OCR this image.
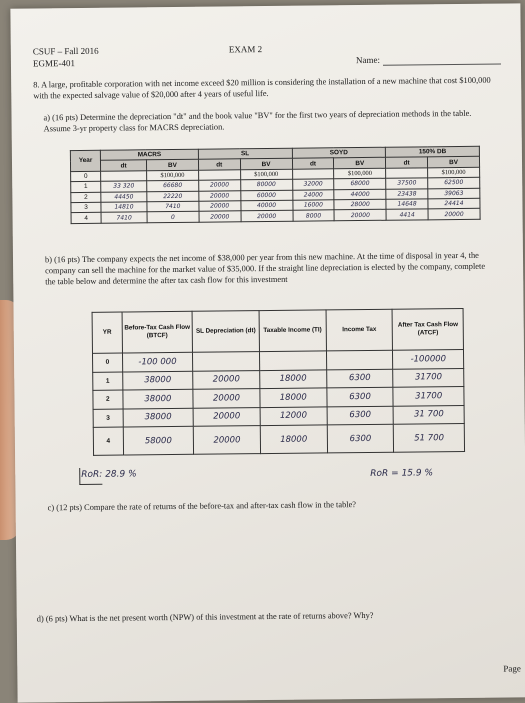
CSUF – Fall 2016
EGME-401
EXAM 2
Name:
8. A large, profitable corporation with net income exceed $20 million is considering the installation of a new machine that cost $100,000 with the expected salvage value of $20,000 after 4 years of useful life.
a) (16 pts) Determine the depreciation "dt" and the book value "BV" for the first two years of depreciation methods in the table. Assume 3-yr property class for MACRS depreciation.
Year	MACRS		SL		SOYD		150% DB	
	dt	BV	dt	BV	dt	BV	dt	BV
0		$100,000		$100,000		$100,000		$100,000
1	33 320	66680	20000	80000	32000	68000	37500	62500
2	44450	22220	20000	60000	24000	44000	23438	39063
3	14810	7410	20000	40000	16000	28000	14648	24414
4	7410	0	20000	20000	8000	20000	4414	20000
b) (16 pts) The company expects the net income of $38,000 per year from this new machine. At the time of disposal in year 4, the company can sell the machine for the market value of $35,000. If the straight line depreciation is elected by the company, complete the table below and determine the after tax cash flow for this investment
YR	Before-Tax Cash Flow (BTCF)	SL Depreciation (dt)	Taxable Income (TI)	Income Tax	After Tax Cash Flow (ATCF)
0	-100 000				-100000
1	38000	20000	18000	6300	31700
2	38000	20000	18000	6300	31700
3	38000	20000	12000	6300	31 700
4	58000	20000	18000	6300	51 700
RoR: 28.9 %	RoR = 15.9 %
c) (12 pts) Compare the rate of returns of the before-tax and after-tax cash flow in the table?
d) (6 pts) What is the net present worth (NPW) of this investment at the rate of returns above? Why?
Page
